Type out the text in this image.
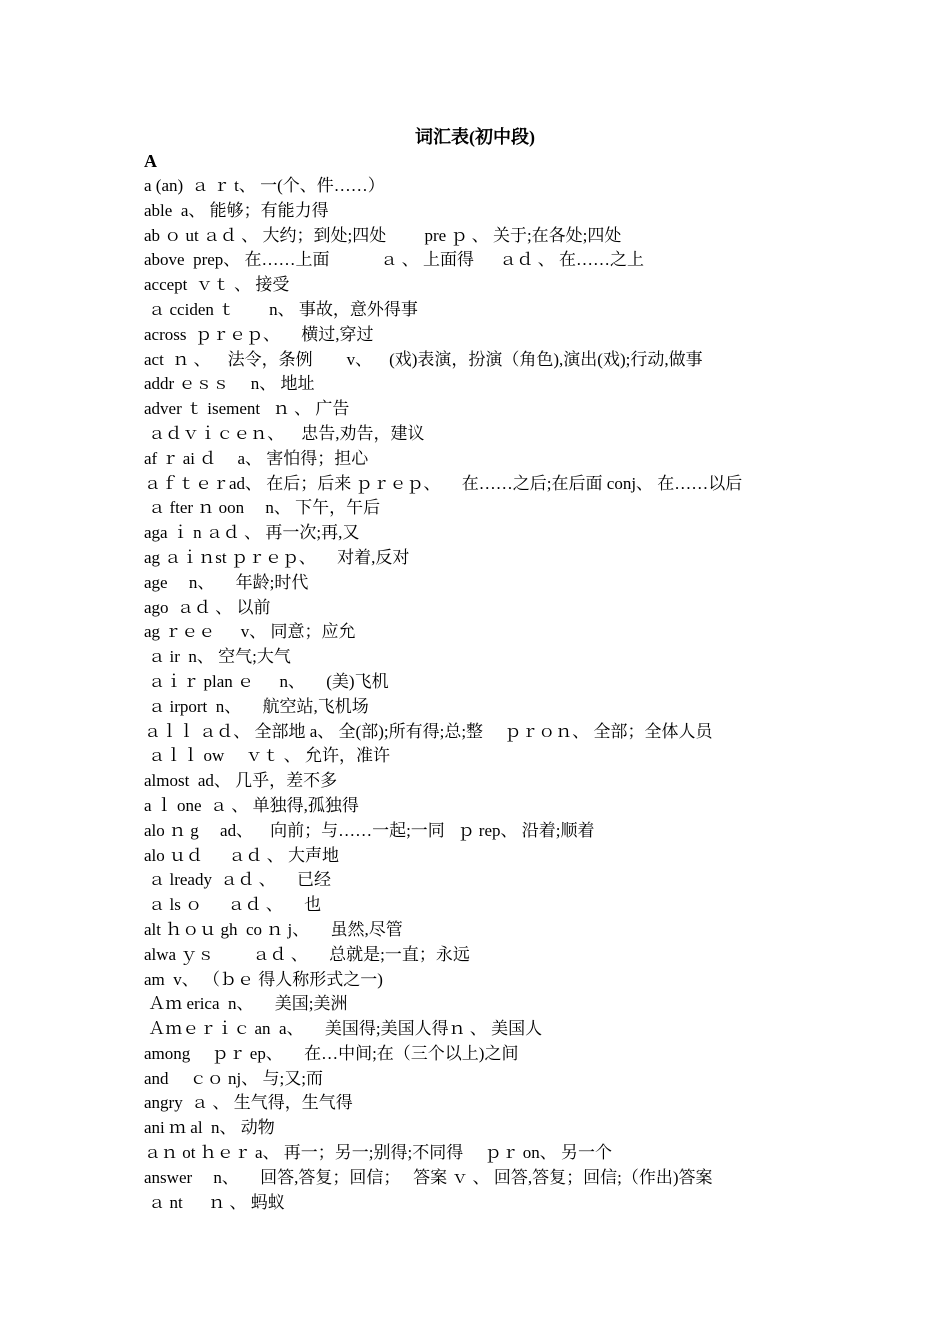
词汇表(初中段)
A
a (an)  ａ ｒ t、 一(个、件……）
able  a、 能够；有能力得
ab ｏ ut ａｄ 、 大约；到处;四处         pre ｐ 、 关于;在各处;四处
above  prep、 在……上面            ａ 、 上面得      ａｄ 、 在……之上
accept  ｖｔ 、 接受
ａ cciden ｔ        n、 事故，意外得事
across  ｐｒｅｐ、     横过,穿过
act  ｎ 、    法令，条例        v、    (戏)表演，扮演（角色),演出(戏);行动,做事
addr ｅｓｓ     n、 地址
adver ｔ isement   ｎ 、 广告
ａｄｖｉｃｅｎ、    忠告,劝告，建议
af ｒ ai ｄ     a、 害怕得；担心
ａｆｔｅｒad、 在后；后来 ｐｒｅｐ、     在……之后;在后面 conj、 在……以后
ａ fter ｎ oon     n、 下午，午后
aga ｉ n ａｄ 、 再一次;再,又
ag ａｉｎst ｐｒｅｐ、     对着,反对
age     n、     年龄;时代
ago  ａｄ 、 以前
ag ｒｅｅ      v、 同意；应允
ａ ir  n、 空气;大气
ａｉｒ plan ｅ      n、     (美)飞机
ａ irport  n、     航空站,飞机场
ａｌｌ ａｄ、 全部地 a、 全(部);所有得;总;整     ｐｒｏｎ、 全部；全体人员
ａｌｌ ow     ｖｔ 、 允许，准许
almost  ad、 几乎，差不多
a ｌ one  ａ 、 单独得,孤独得
alo ｎ g     ad、    向前；与……一起;一同   ｐ rep、 沿着;顺着
alo ｕｄ      ａｄ 、 大声地
ａ lready  ａｄ 、     已经
ａ ls ｏ      ａｄ 、     也
alt ｈｏｕ gh  co ｎ j、     虽然,尽管
alwa ｙｓ         ａｄ 、     总就是;一直；永远
am  v、 （ｂｅ 得人称形式之一)
Ａｍ erica  n、     美国;美洲
Ａｍｅｒｉｃ an  a、     美国得;美国人得ｎ 、 美国人
among     ｐｒ ep、     在…中间;在（三个以上)之间
and     ｃｏ nj、 与;又;而
angry  ａ 、 生气得，生气得
ani ｍ al  n、 动物
ａｎ ot ｈｅｒ a、 再一；另一;别得;不同得     ｐｒ on、 另一个
answer     n、     回答,答复；回信；   答案 ｖ 、 回答,答复；回信;（作出)答案
ａ nt      ｎ 、 蚂蚁
